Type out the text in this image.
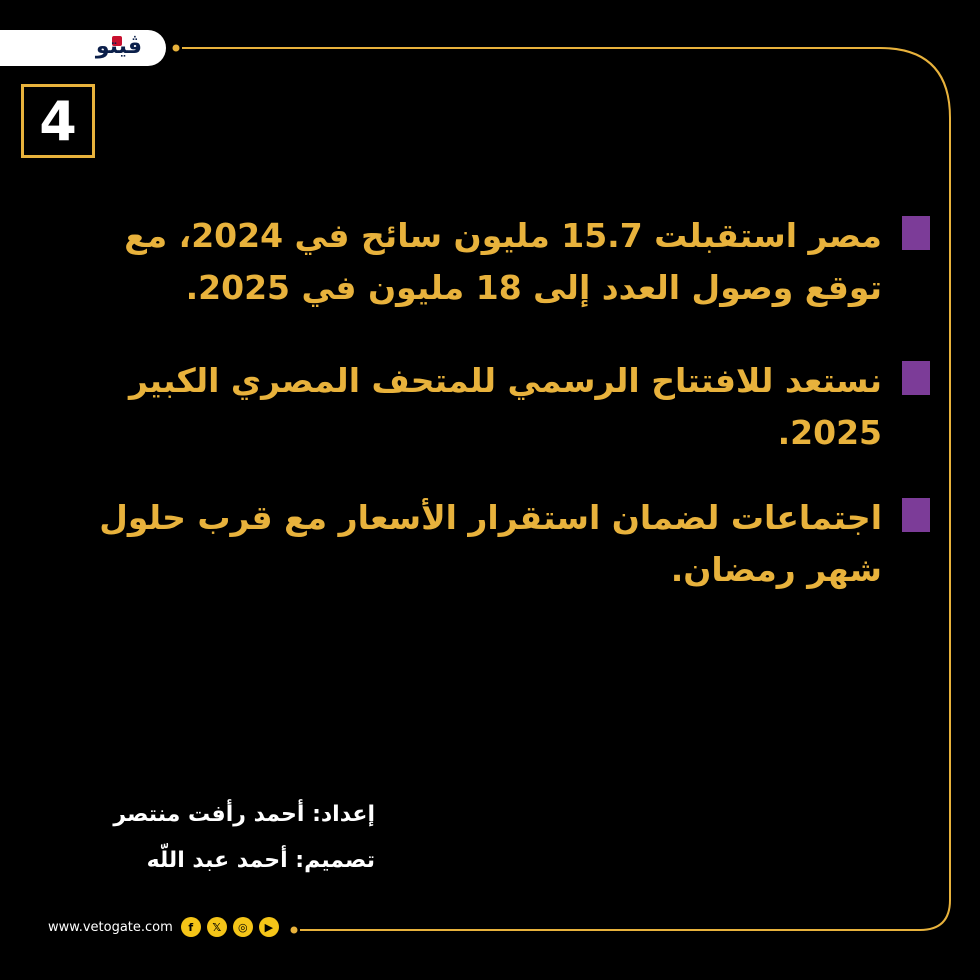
ڤيتو
4
مصر استقبلت 15.7 مليون سائح في 2024، مع توقع وصول العدد إلى 18 مليون في 2025.
نستعد للافتتاح الرسمي للمتحف المصري الكبير 2025.
اجتماعات لضمان استقرار الأسعار مع قرب حلول شهر رمضان.
إعداد: أحمد رأفت منتصر
تصميم: أحمد عبد اللّه
www.vetogate.com	f	𝕏	◎	▶
